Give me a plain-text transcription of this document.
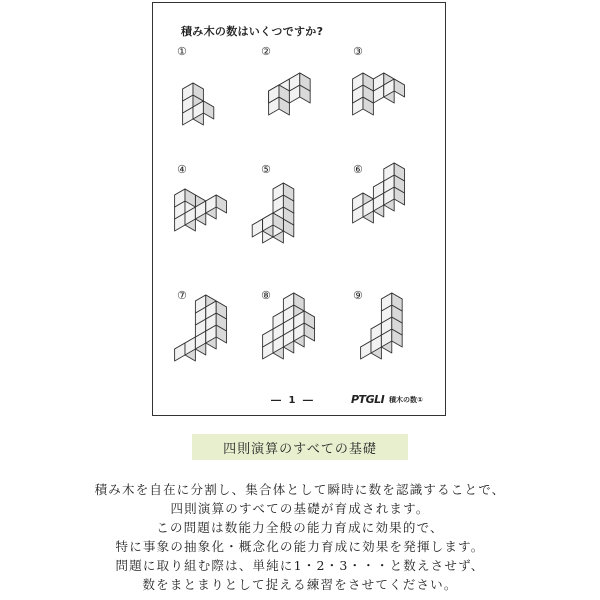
積み木の数はいくつですか?
①	②	③
④	⑤	⑥
⑦	⑧	⑨
― 1 ―	PTGLI 積木の数①
四則演算のすべての基礎
積み木を自在に分割し、集合体として瞬時に数を認識することで、
四則演算のすべての基礎が育成されます。
この問題は数能力全般の能力育成に効果的で、
特に事象の抽象化・概念化の能力育成に効果を発揮します。
問題に取り組む際は、単純に1・2・3・・・と数えさせず、
数をまとまりとして捉える練習をさせてください。
